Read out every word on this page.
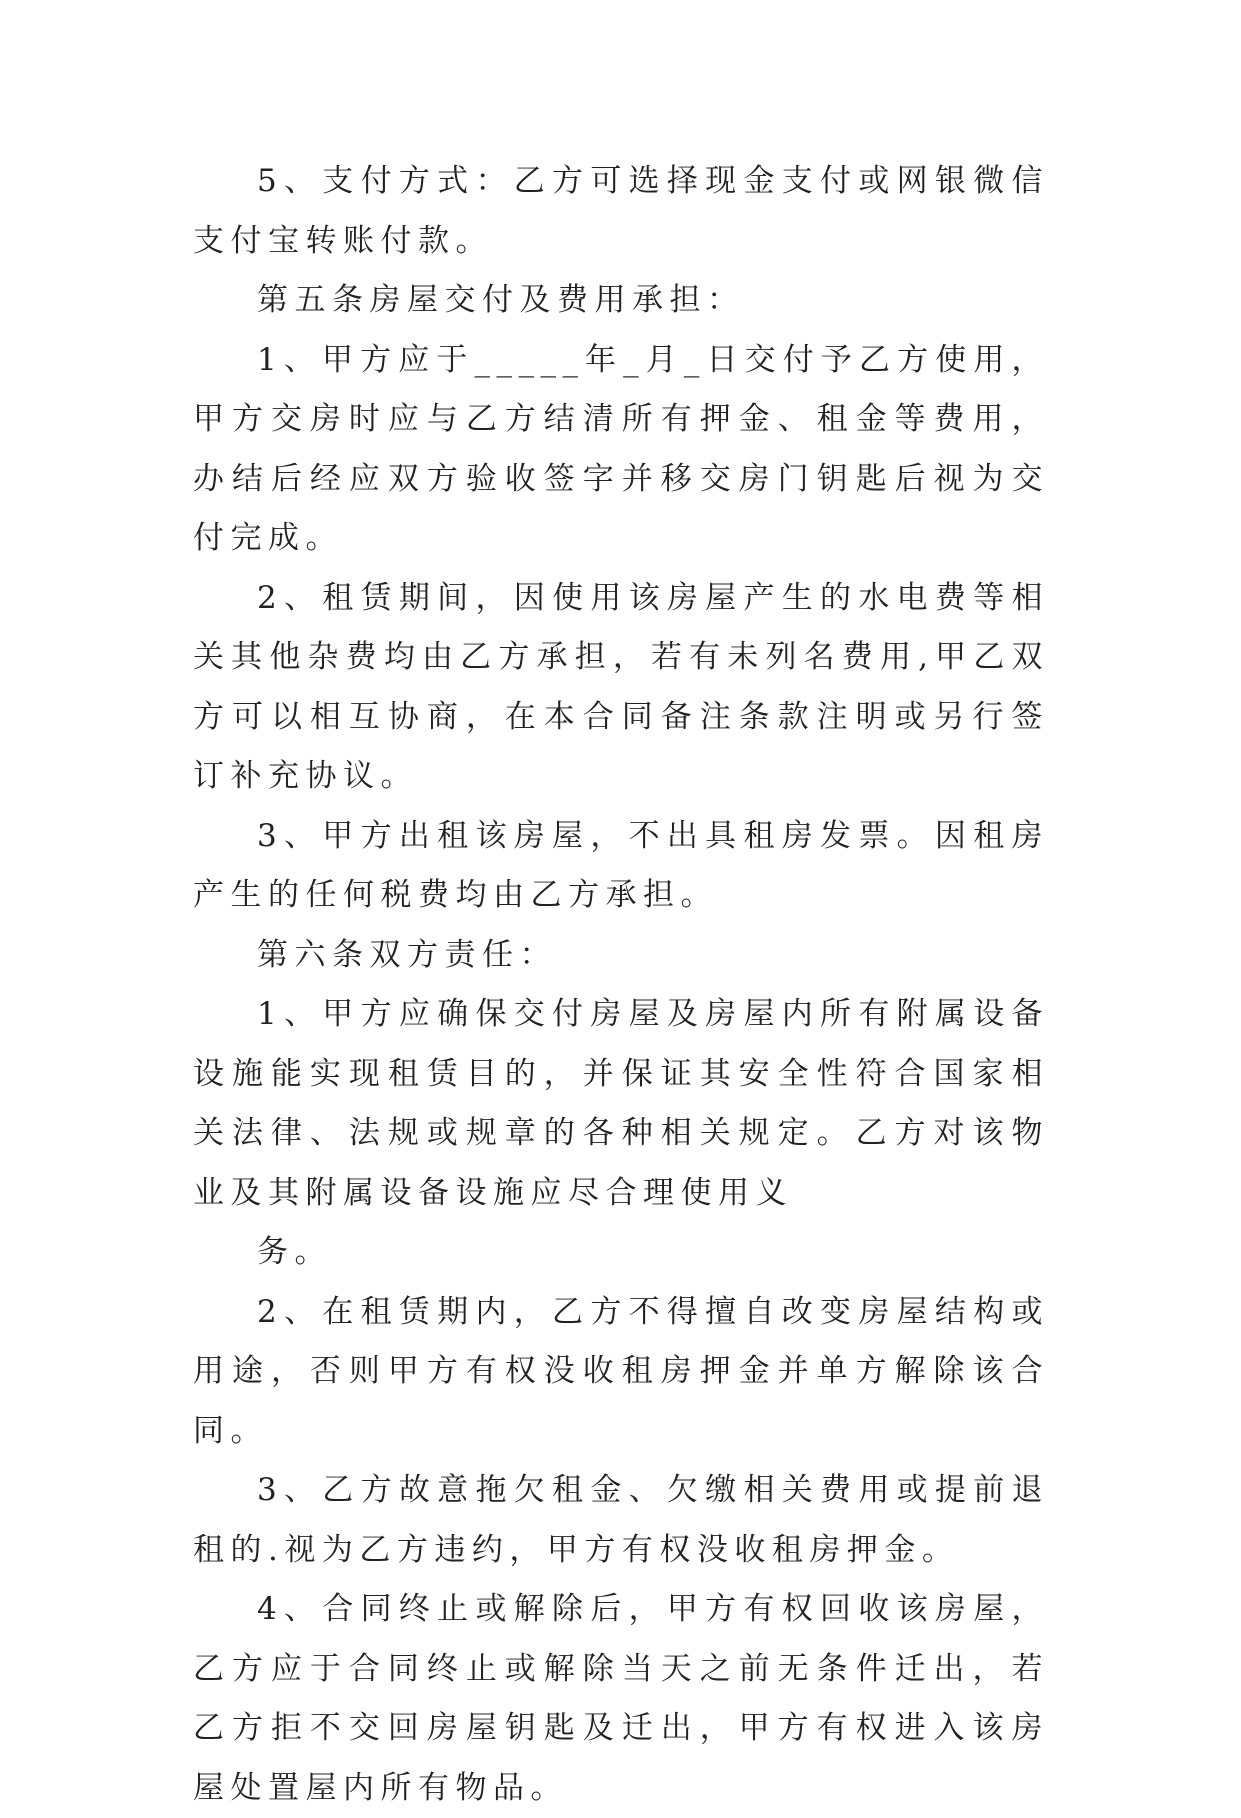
5、支付方式：乙方可选择现金支付或网银微信支付宝转账付款。

第五条房屋交付及费用承担：

1、甲方应于_____年_月_日交付予乙方使用，甲方交房时应与乙方结清所有押金、租金等费用，办结后经应双方验收签字并移交房门钥匙后视为交付完成。

2、租赁期间，因使用该房屋产生的水电费等相关其他杂费均由乙方承担，若有未列名费用,甲乙双方可以相互协商，在本合同备注条款注明或另行签订补充协议。

3、甲方出租该房屋，不出具租房发票。因租房产生的任何税费均由乙方承担。

第六条双方责任：

1、甲方应确保交付房屋及房屋内所有附属设备设施能实现租赁目的，并保证其安全性符合国家相关法律、法规或规章的各种相关规定。乙方对该物业及其附属设备设施应尽合理使用义

务。

2、在租赁期内，乙方不得擅自改变房屋结构或用途，否则甲方有权没收租房押金并单方解除该合同。

3、乙方故意拖欠租金、欠缴相关费用或提前退租的.视为乙方违约，甲方有权没收租房押金。

4、合同终止或解除后，甲方有权回收该房屋，乙方应于合同终止或解除当天之前无条件迁出，若乙方拒不交回房屋钥匙及迁出，甲方有权进入该房屋处置屋内所有物品。
